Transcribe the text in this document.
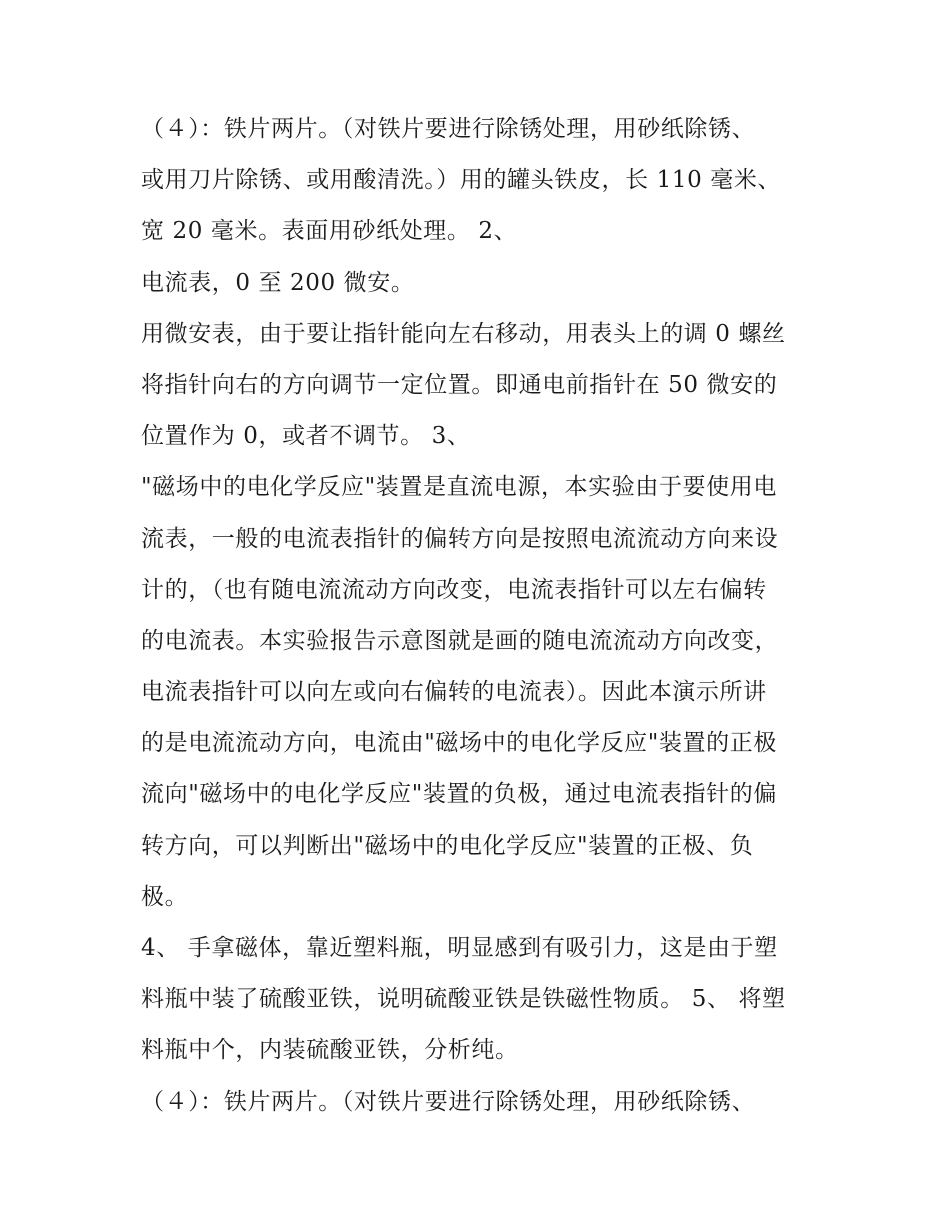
（４）：铁片两片。（对铁片要进行除锈处理，用砂纸除锈、
或用刀片除锈、或用酸清洗。）用的罐头铁皮，长 110 毫米、
宽 20 毫米。表面用砂纸处理。 2、
电流表，0 至 200 微安。
用微安表，由于要让指针能向左右移动，用表头上的调 0 螺丝
将指针向右的方向调节一定位置。即通电前指针在 50 微安的
位置作为 0，或者不调节。 3、
"磁场中的电化学反应"装置是直流电源，本实验由于要使用电
流表，一般的电流表指针的偏转方向是按照电流流动方向来设
计的，（也有随电流流动方向改变，电流表指针可以左右偏转
的电流表。本实验报告示意图就是画的随电流流动方向改变，
电流表指针可以向左或向右偏转的电流表）。因此本演示所讲
的是电流流动方向，电流由"磁场中的电化学反应"装置的正极
流向"磁场中的电化学反应"装置的负极，通过电流表指针的偏
转方向，可以判断出"磁场中的电化学反应"装置的正极、负
极。
4、 手拿磁体，靠近塑料瓶，明显感到有吸引力，这是由于塑
料瓶中装了硫酸亚铁，说明硫酸亚铁是铁磁性物质。 5、 将塑
料瓶中个，内装硫酸亚铁，分析纯。
（４）：铁片两片。（对铁片要进行除锈处理，用砂纸除锈、
